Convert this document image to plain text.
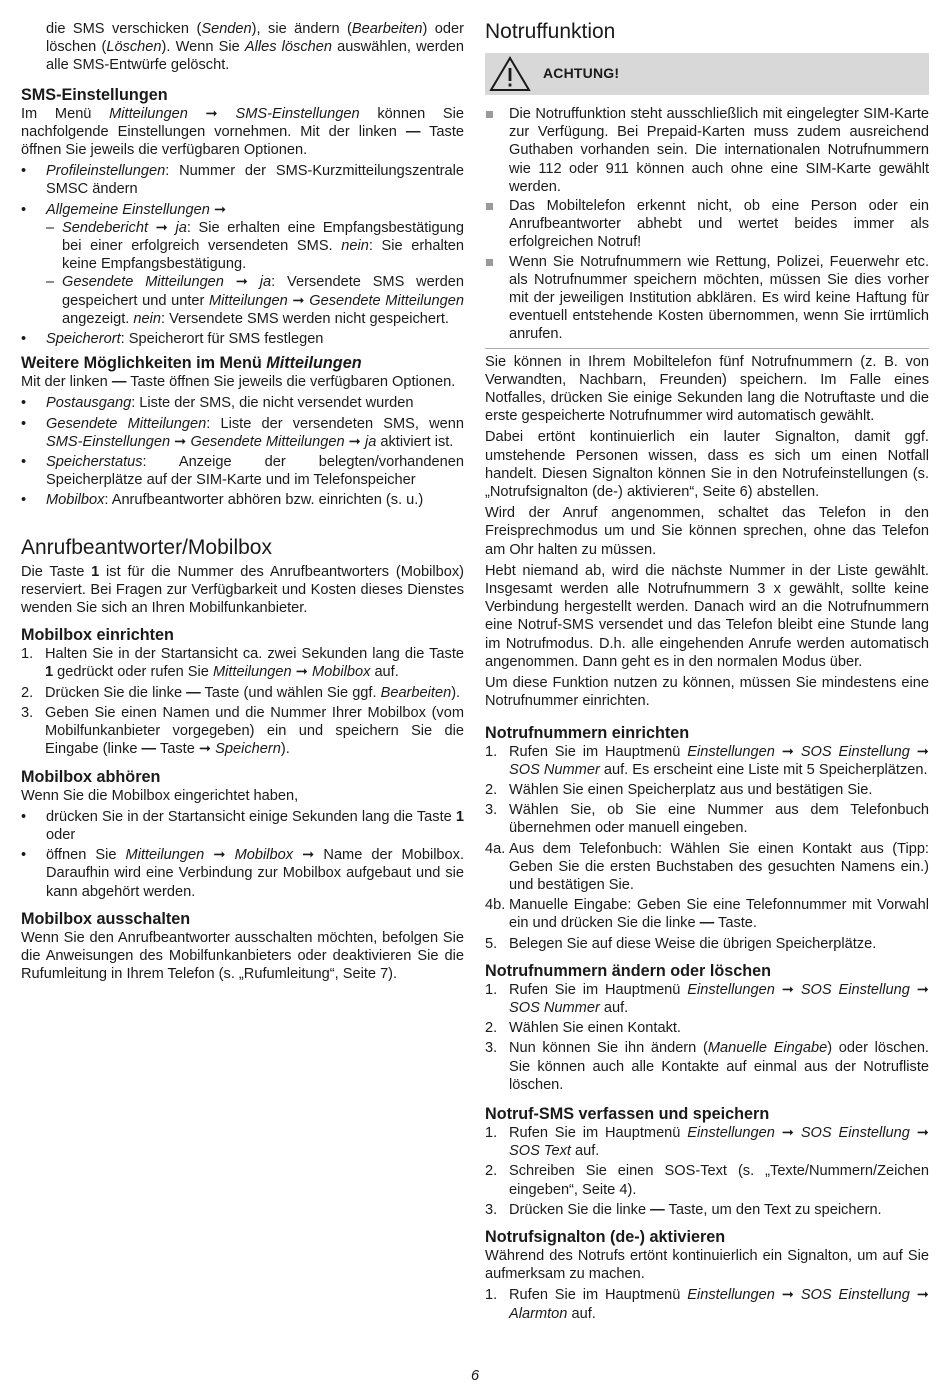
die SMS verschicken (Senden), sie ändern (Bearbeiten) oder löschen (Löschen). Wenn Sie Alles löschen auswählen, werden alle SMS-Entwürfe gelöscht.

SMS-Einstellungen

Im Menü Mitteilungen ➞ SMS-Einstellungen können Sie nachfolgende Einstellungen vornehmen. Mit der linken — Taste öffnen Sie jeweils die verfügbaren Optionen.

•	Profileinstellungen: Nummer der SMS-Kurzmitteilungszentrale SMSC ändern
•	Allgemeine Einstellungen ➞
– Sendebericht ➞ ja: Sie erhalten eine Empfangsbestätigung bei einer erfolgreich versendeten SMS. nein: Sie erhalten keine Empfangsbestätigung.
– Gesendete Mitteilungen ➞ ja: Versendete SMS werden gespeichert und unter Mitteilungen ➞ Gesendete Mitteilungen angezeigt. nein: Versendete SMS werden nicht gespeichert.
•	Speicherort: Speicherort für SMS festlegen
Weitere Möglichkeiten im Menü Mitteilungen

Mit der linken — Taste öffnen Sie jeweils die verfügbaren Optionen.

•	Postausgang: Liste der SMS, die nicht versendet wurden
•	Gesendete Mitteilungen: Liste der versendeten SMS, wenn SMS-Einstellungen ➞ Gesendete Mitteilungen ➞ ja aktiviert ist.
•	Speicherstatus: Anzeige der belegten/vorhandenen Speicherplätze auf der SIM-Karte und im Telefonspeicher
•	Mobilbox: Anrufbeantworter abhören bzw. einrichten (s. u.)
Anrufbeantworter/Mobilbox

Die Taste 1 ist für die Nummer des Anrufbeantworters (Mobilbox) reserviert. Bei Fragen zur Verfügbarkeit und Kosten dieses Dienstes wenden Sie sich an Ihren Mobilfunkanbieter.

Mobilbox einrichten
1. Halten Sie in der Startansicht ca. zwei Sekunden lang die Taste 1 gedrückt oder rufen Sie Mitteilungen ➞ Mobilbox auf.
2. Drücken Sie die linke — Taste (und wählen Sie ggf. Bearbeiten).
3. Geben Sie einen Namen und die Nummer Ihrer Mobilbox (vom Mobilfunkanbieter vorgegeben) ein und speichern Sie die Eingabe (linke — Taste ➞ Speichern).
Mobilbox abhören

Wenn Sie die Mobilbox eingerichtet haben,

•	drücken Sie in der Startansicht einige Sekunden lang die Taste 1 oder
•	öffnen Sie Mitteilungen ➞ Mobilbox ➞ Name der Mobilbox. Daraufhin wird eine Verbindung zur Mobilbox aufgebaut und sie kann abgehört werden.
Mobilbox ausschalten

Wenn Sie den Anrufbeantworter ausschalten möchten, befolgen Sie die Anweisungen des Mobilfunkanbieters oder deaktivieren Sie die Rufumleitung in Ihrem Telefon (s. „Rufumleitung“, Seite 7).

Notruffunktion
ACHTUNG!
Die Notruffunktion steht ausschließlich mit eingelegter SIM-Karte zur Verfügung. Bei Prepaid-Karten muss zudem ausreichend Guthaben vorhanden sein. Die internationalen Notrufnummern wie 112 oder 911 können auch ohne eine SIM-Karte gewählt werden.
Das Mobiltelefon erkennt nicht, ob eine Person oder ein Anrufbeantworter abhebt und wertet beides immer als erfolgreichen Notruf!
Wenn Sie Notrufnummern wie Rettung, Polizei, Feuerwehr etc. als Notrufnummer speichern möchten, müssen Sie dies vorher mit der jeweiligen Institution abklären. Es wird keine Haftung für eventuell entstehende Kosten übernommen, wenn Sie irrtümlich anrufen.

Sie können in Ihrem Mobiltelefon fünf Notrufnummern (z. B. von Verwandten, Nachbarn, Freunden) speichern. Im Falle eines Notfalles, drücken Sie einige Sekunden lang die Notruftaste und die erste gespeicherte Notrufnummer wird automatisch gewählt.

Dabei ertönt kontinuierlich ein lauter Signalton, damit ggf. umstehende Personen wissen, dass es sich um einen Notfall handelt. Diesen Signalton können Sie in den Notrufeinstellungen (s. „Notrufsignalton (de-) aktivieren“, Seite 6) abstellen.

Wird der Anruf angenommen, schaltet das Telefon in den Freisprechmodus um und Sie können sprechen, ohne das Telefon am Ohr halten zu müssen.

Hebt niemand ab, wird die nächste Nummer in der Liste gewählt. Insgesamt werden alle Notrufnummern 3 x gewählt, sollte keine Verbindung hergestellt werden. Danach wird an die Notrufnummern eine Notruf-SMS versendet und das Telefon bleibt eine Stunde lang im Notrufmodus. D.h. alle eingehenden Anrufe werden automatisch angenommen. Dann geht es in den normalen Modus über.

Um diese Funktion nutzen zu können, müssen Sie mindestens eine Notrufnummer einrichten.

Notrufnummern einrichten
1. Rufen Sie im Hauptmenü Einstellungen ➞ SOS Einstellung ➞ SOS Nummer auf. Es erscheint eine Liste mit 5 Speicherplätzen.
2. Wählen Sie einen Speicherplatz aus und bestätigen Sie.
3. Wählen Sie, ob Sie eine Nummer aus dem Telefonbuch übernehmen oder manuell eingeben.
4a. Aus dem Telefonbuch: Wählen Sie einen Kontakt aus (Tipp: Geben Sie die ersten Buchstaben des gesuchten Namens ein.) und bestätigen Sie.
4b. Manuelle Eingabe: Geben Sie eine Telefonnummer mit Vorwahl ein und drücken Sie die linke — Taste.
5. Belegen Sie auf diese Weise die übrigen Speicherplätze.
Notrufnummern ändern oder löschen
1. Rufen Sie im Hauptmenü Einstellungen ➞ SOS Einstellung ➞ SOS Nummer auf.
2. Wählen Sie einen Kontakt.
3. Nun können Sie ihn ändern (Manuelle Eingabe) oder löschen. Sie können auch alle Kontakte auf einmal aus der Notrufliste löschen.
Notruf-SMS verfassen und speichern
1. Rufen Sie im Hauptmenü Einstellungen ➞ SOS Einstellung ➞ SOS Text auf.
2. Schreiben Sie einen SOS-Text (s. „Texte/Nummern/Zeichen eingeben“, Seite 4).
3. Drücken Sie die linke — Taste, um den Text zu speichern.
Notrufsignalton (de-) aktivieren

Während des Notrufs ertönt kontinuierlich ein Signalton, um auf Sie aufmerksam zu machen.

1. Rufen Sie im Hauptmenü Einstellungen ➞ SOS Einstellung ➞ Alarmton auf.
6
